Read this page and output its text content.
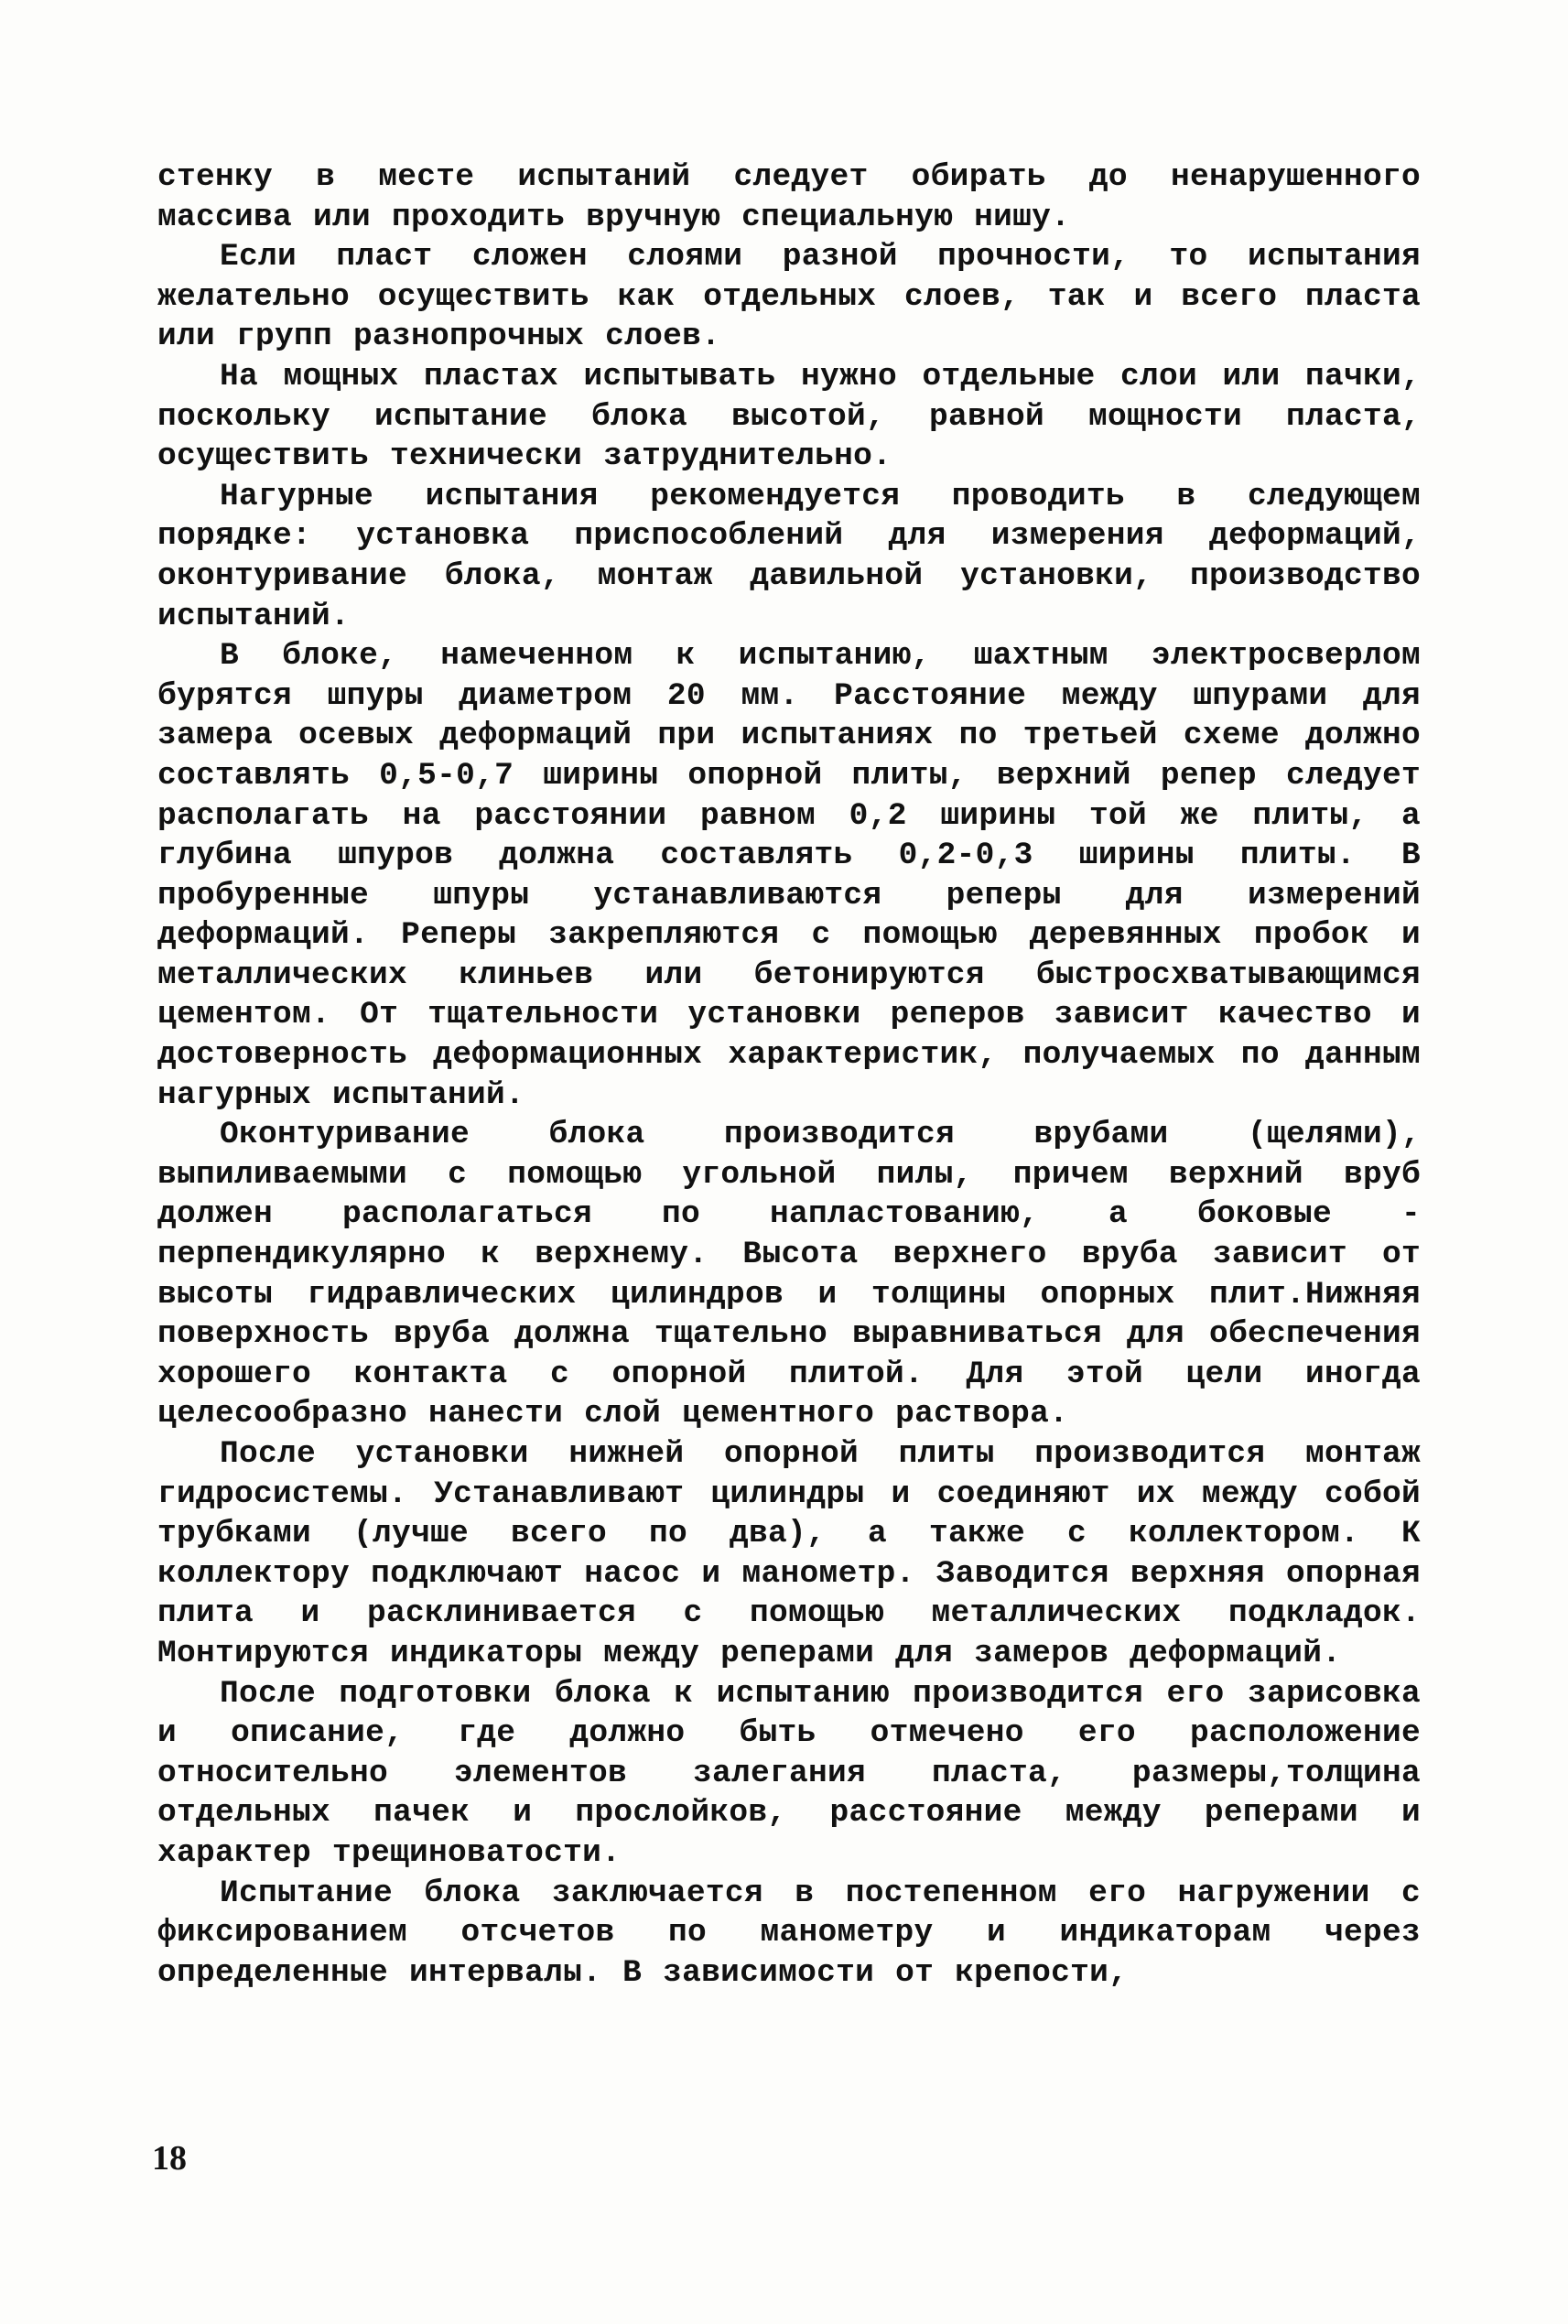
стенку в месте испытаний следует обирать до ненарушенного массива или проходить вручную специальную нишу.

Если пласт сложен слоями разной прочности, то испытания желательно осуществить как отдельных слоев, так и всего пласта или групп разнопрочных слоев.

На мощных пластах испытывать нужно отдельные слои или пачки, поскольку испытание блока высотой, равной мощности пласта, осуществить технически затруднительно.

Нагурные испытания рекомендуется проводить в следующем порядке: установка приспособлений для измерения деформаций, оконтуривание блока, монтаж давильной установки, производство испытаний.

В блоке, намеченном к испытанию, шахтным электросверлом бурятся шпуры диаметром 20 мм. Расстояние между шпурами для замера осевых деформаций при испытаниях по третьей схеме должно составлять 0,5-0,7 ширины опорной плиты, верхний репер следует располагать на расстоянии равном 0,2 ширины той же плиты, а глубина шпуров должна составлять 0,2-0,3 ширины плиты. В пробуренные шпуры устанавливаются реперы для измерений деформаций. Реперы закрепляются с помощью деревянных пробок и металлических клиньев или бетонируются быстросхватывающимся цементом. От тщательности установки реперов зависит качество и достоверность деформационных характеристик, получаемых по данным нагурных испытаний.

Оконтуривание блока производится врубами (щелями), выпиливаемыми с помощью угольной пилы, причем верхний вруб должен располагаться по напластованию, а боковые - перпендикулярно к верхнему. Высота верхнего вруба зависит от высоты гидравлических цилиндров и толщины опорных плит.Нижняя поверхность вруба должна тщательно выравниваться для обеспечения хорошего контакта с опорной плитой. Для этой цели иногда целесообразно нанести слой цементного раствора.

После установки нижней опорной плиты производится монтаж гидросистемы. Устанавливают цилиндры и соединяют их между собой трубками (лучше всего по два), а также с коллектором. К коллектору подключают насос и манометр. Заводится верхняя опорная плита и расклинивается с помощью металлических подкладок. Монтируются индикаторы между реперами для замеров деформаций.

После подготовки блока к испытанию производится его зарисовка и описание, где должно быть отмечено его расположение относительно элементов залегания пласта, размеры,толщина отдельных пачек и прослойков, расстояние между реперами и характер трещиноватости.

Испытание блока заключается в постепенном его нагружении с фиксированием отсчетов по манометру и индикаторам через определенные интервалы. В зависимости от крепости,

18
